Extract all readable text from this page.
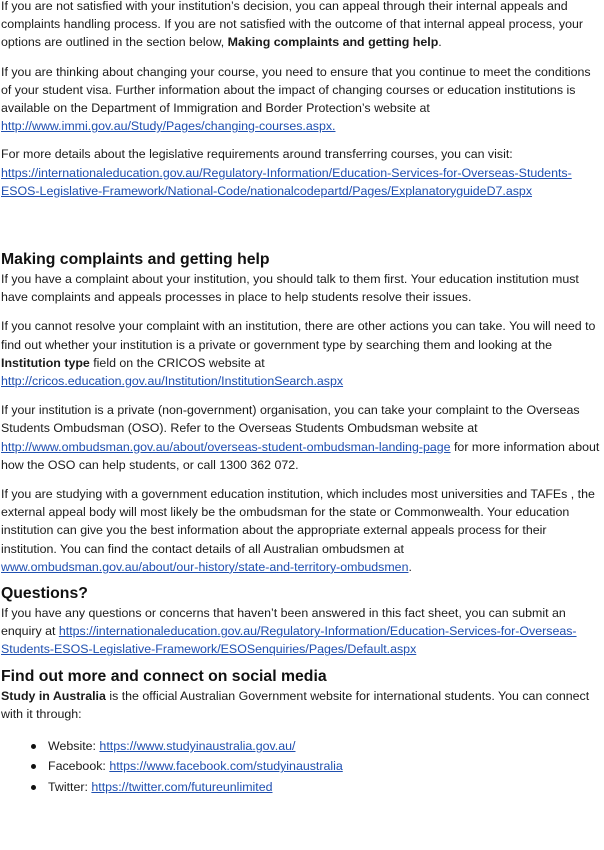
If you are not satisfied with your institution’s decision, you can appeal through their internal appeals and complaints handling process. If you are not satisfied with the outcome of that internal appeal process, your options are outlined in the section below, Making complaints and getting help.

If you are thinking about changing your course, you need to ensure that you continue to meet the conditions of your student visa. Further information about the impact of changing courses or education institutions is available on the Department of Immigration and Border Protection’s website at http://www.immi.gov.au/Study/Pages/changing-courses.aspx.

For more details about the legislative requirements around transferring courses, you can visit: https://internationaleducation.gov.au/Regulatory-Information/Education-Services-for-Overseas-Students-ESOS-Legislative-Framework/National-Code/nationalcodepartd/Pages/ExplanatoryguideD7.aspx

Making complaints and getting help

If you have a complaint about your institution, you should talk to them first. Your education institution must have complaints and appeals processes in place to help students resolve their issues.

If you cannot resolve your complaint with an institution, there are other actions you can take. You will need to find out whether your institution is a private or government type by searching them and looking at the Institution type field on the CRICOS website at http://cricos.education.gov.au/Institution/InstitutionSearch.aspx

If your institution is a private (non-government) organisation, you can take your complaint to the Overseas Students Ombudsman (OSO). Refer to the Overseas Students Ombudsman website at http://www.ombudsman.gov.au/about/overseas-student-ombudsman-landing-page for more information about how the OSO can help students, or call 1300 362 072.

If you are studying with a government education institution, which includes most universities and TAFEs , the external appeal body will most likely be the ombudsman for the state or Commonwealth. Your education institution can give you the best information about the appropriate external appeals process for their institution. You can find the contact details of all Australian ombudsmen at www.ombudsman.gov.au/about/our-history/state-and-territory-ombudsmen.

Questions?

If you have any questions or concerns that haven’t been answered in this fact sheet, you can submit an enquiry at https://internationaleducation.gov.au/Regulatory-Information/Education-Services-for-Overseas-Students-ESOS-Legislative-Framework/ESOSenquiries/Pages/Default.aspx

Find out more and connect on social media

Study in Australia is the official Australian Government website for international students. You can connect with it through:

Website: https://www.studyinaustralia.gov.au/
Facebook: https://www.facebook.com/studyinaustralia
Twitter: https://twitter.com/futureunlimited
